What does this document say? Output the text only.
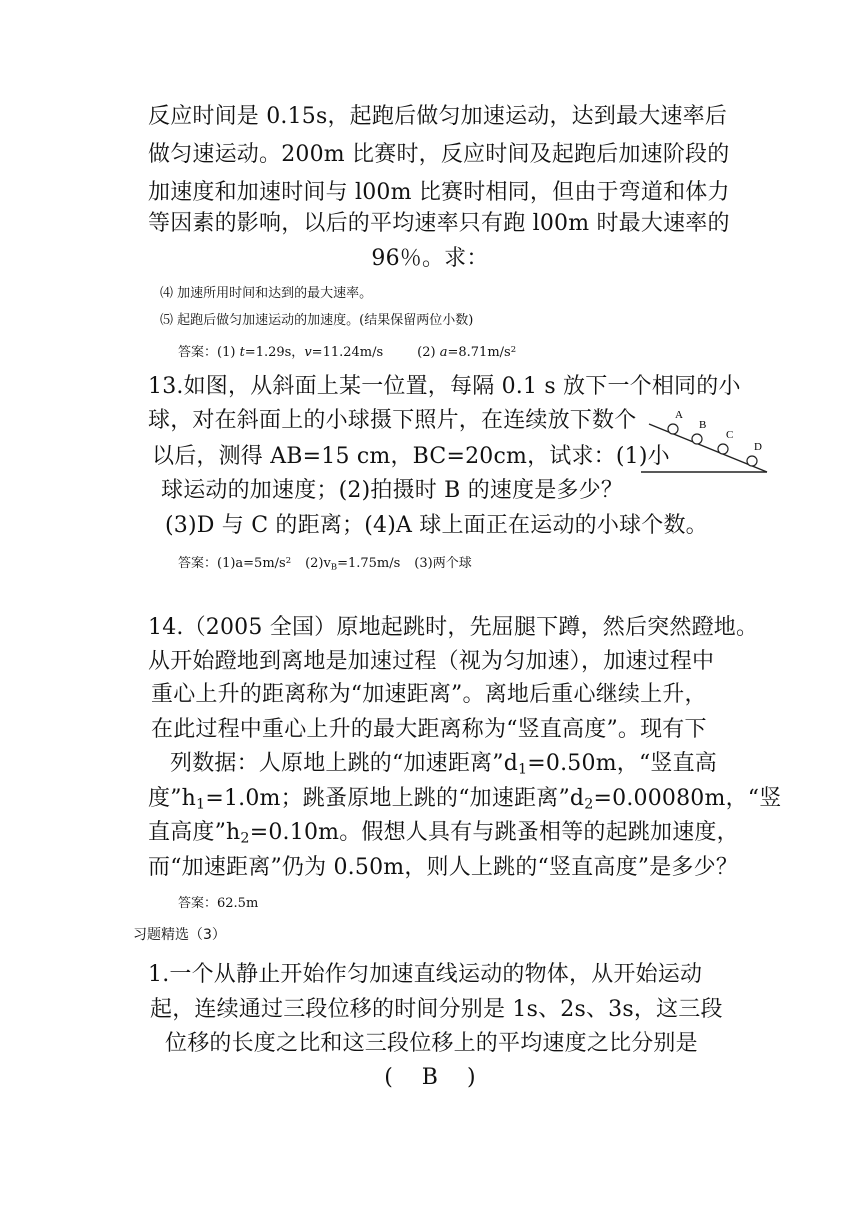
反应时间是 0.15s，起跑后做匀加速运动，达到最大速率后
做匀速运动。200m 比赛时，反应时间及起跑后加速阶段的
加速度和加速时间与 l00m 比赛时相同，但由于弯道和体力
等因素的影响，以后的平均速率只有跑 l00m 时最大速率的
96％。求：
⑷ 加速所用时间和达到的最大速率。
⑸ 起跑后做匀加速运动的加速度。(结果保留两位小数)
答案：(1) t=1.29s，v=11.24m/s	(2) $a=8.71m/s^2$
13.如图，从斜面上某一位置，每隔 0.1 s 放下一个相同的小
球，对在斜面上的小球摄下照片，在连续放下数个
以后，测得 AB=15 cm，BC=20cm，试求：(1)小
球运动的加速度；(2)拍摄时 B 的速度是多少？
(3)D 与 C 的距离；(4)A 球上面正在运动的小球个数。
A
B
C
D
答案：$(1)a=5m/s^2$ $(2)v_B=1.75m/s$ (3)两个球
14.（2005 全国）原地起跳时，先屈腿下蹲，然后突然蹬地。
从开始蹬地到离地是加速过程（视为匀加速），加速过程中
重心上升的距离称为“加速距离”。离地后重心继续上升，
在此过程中重心上升的最大距离称为“竖直高度”。现有下
列数据：人原地上跳的“加速距离$”d_1=0.50m$，“竖直高
度$”h_1=1.0m$；跳蚤原地上跳的“加速距离$”d_2=0.00080m$，“竖
直高度$”h_2=0.10m$。假想人具有与跳蚤相等的起跳加速度，
而“加速距离”仍为 0.50m，则人上跳的“竖直高度”是多少？
答案：62.5m
习题精选（3）
1.一个从静止开始作匀加速直线运动的物体，从开始运动
起，连续通过三段位移的时间分别是 1s、2s、3s，这三段
位移的长度之比和这三段位移上的平均速度之比分别是
(    B    )
